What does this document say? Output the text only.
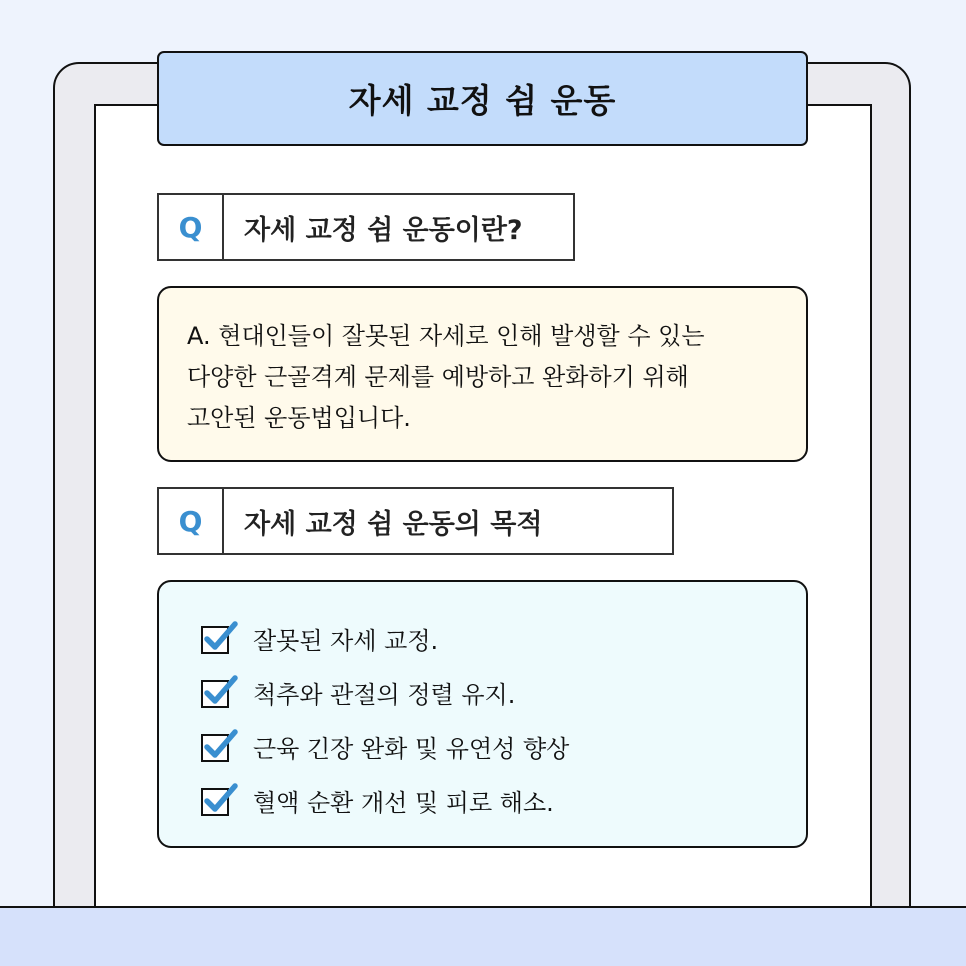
자세 교정 쉼 운동
Q	자세 교정 쉼 운동이란?

A. 현대인들이 잘못된 자세로 인해 발생할 수 있는

다양한 근골격계 문제를 예방하고 완화하기 위해

고안된 운동법입니다.

Q	자세 교정 쉼 운동의 목적
잘못된 자세 교정.
척추와 관절의 정렬 유지.
근육 긴장 완화 및 유연성 향상
혈액 순환 개선 및 피로 해소.
